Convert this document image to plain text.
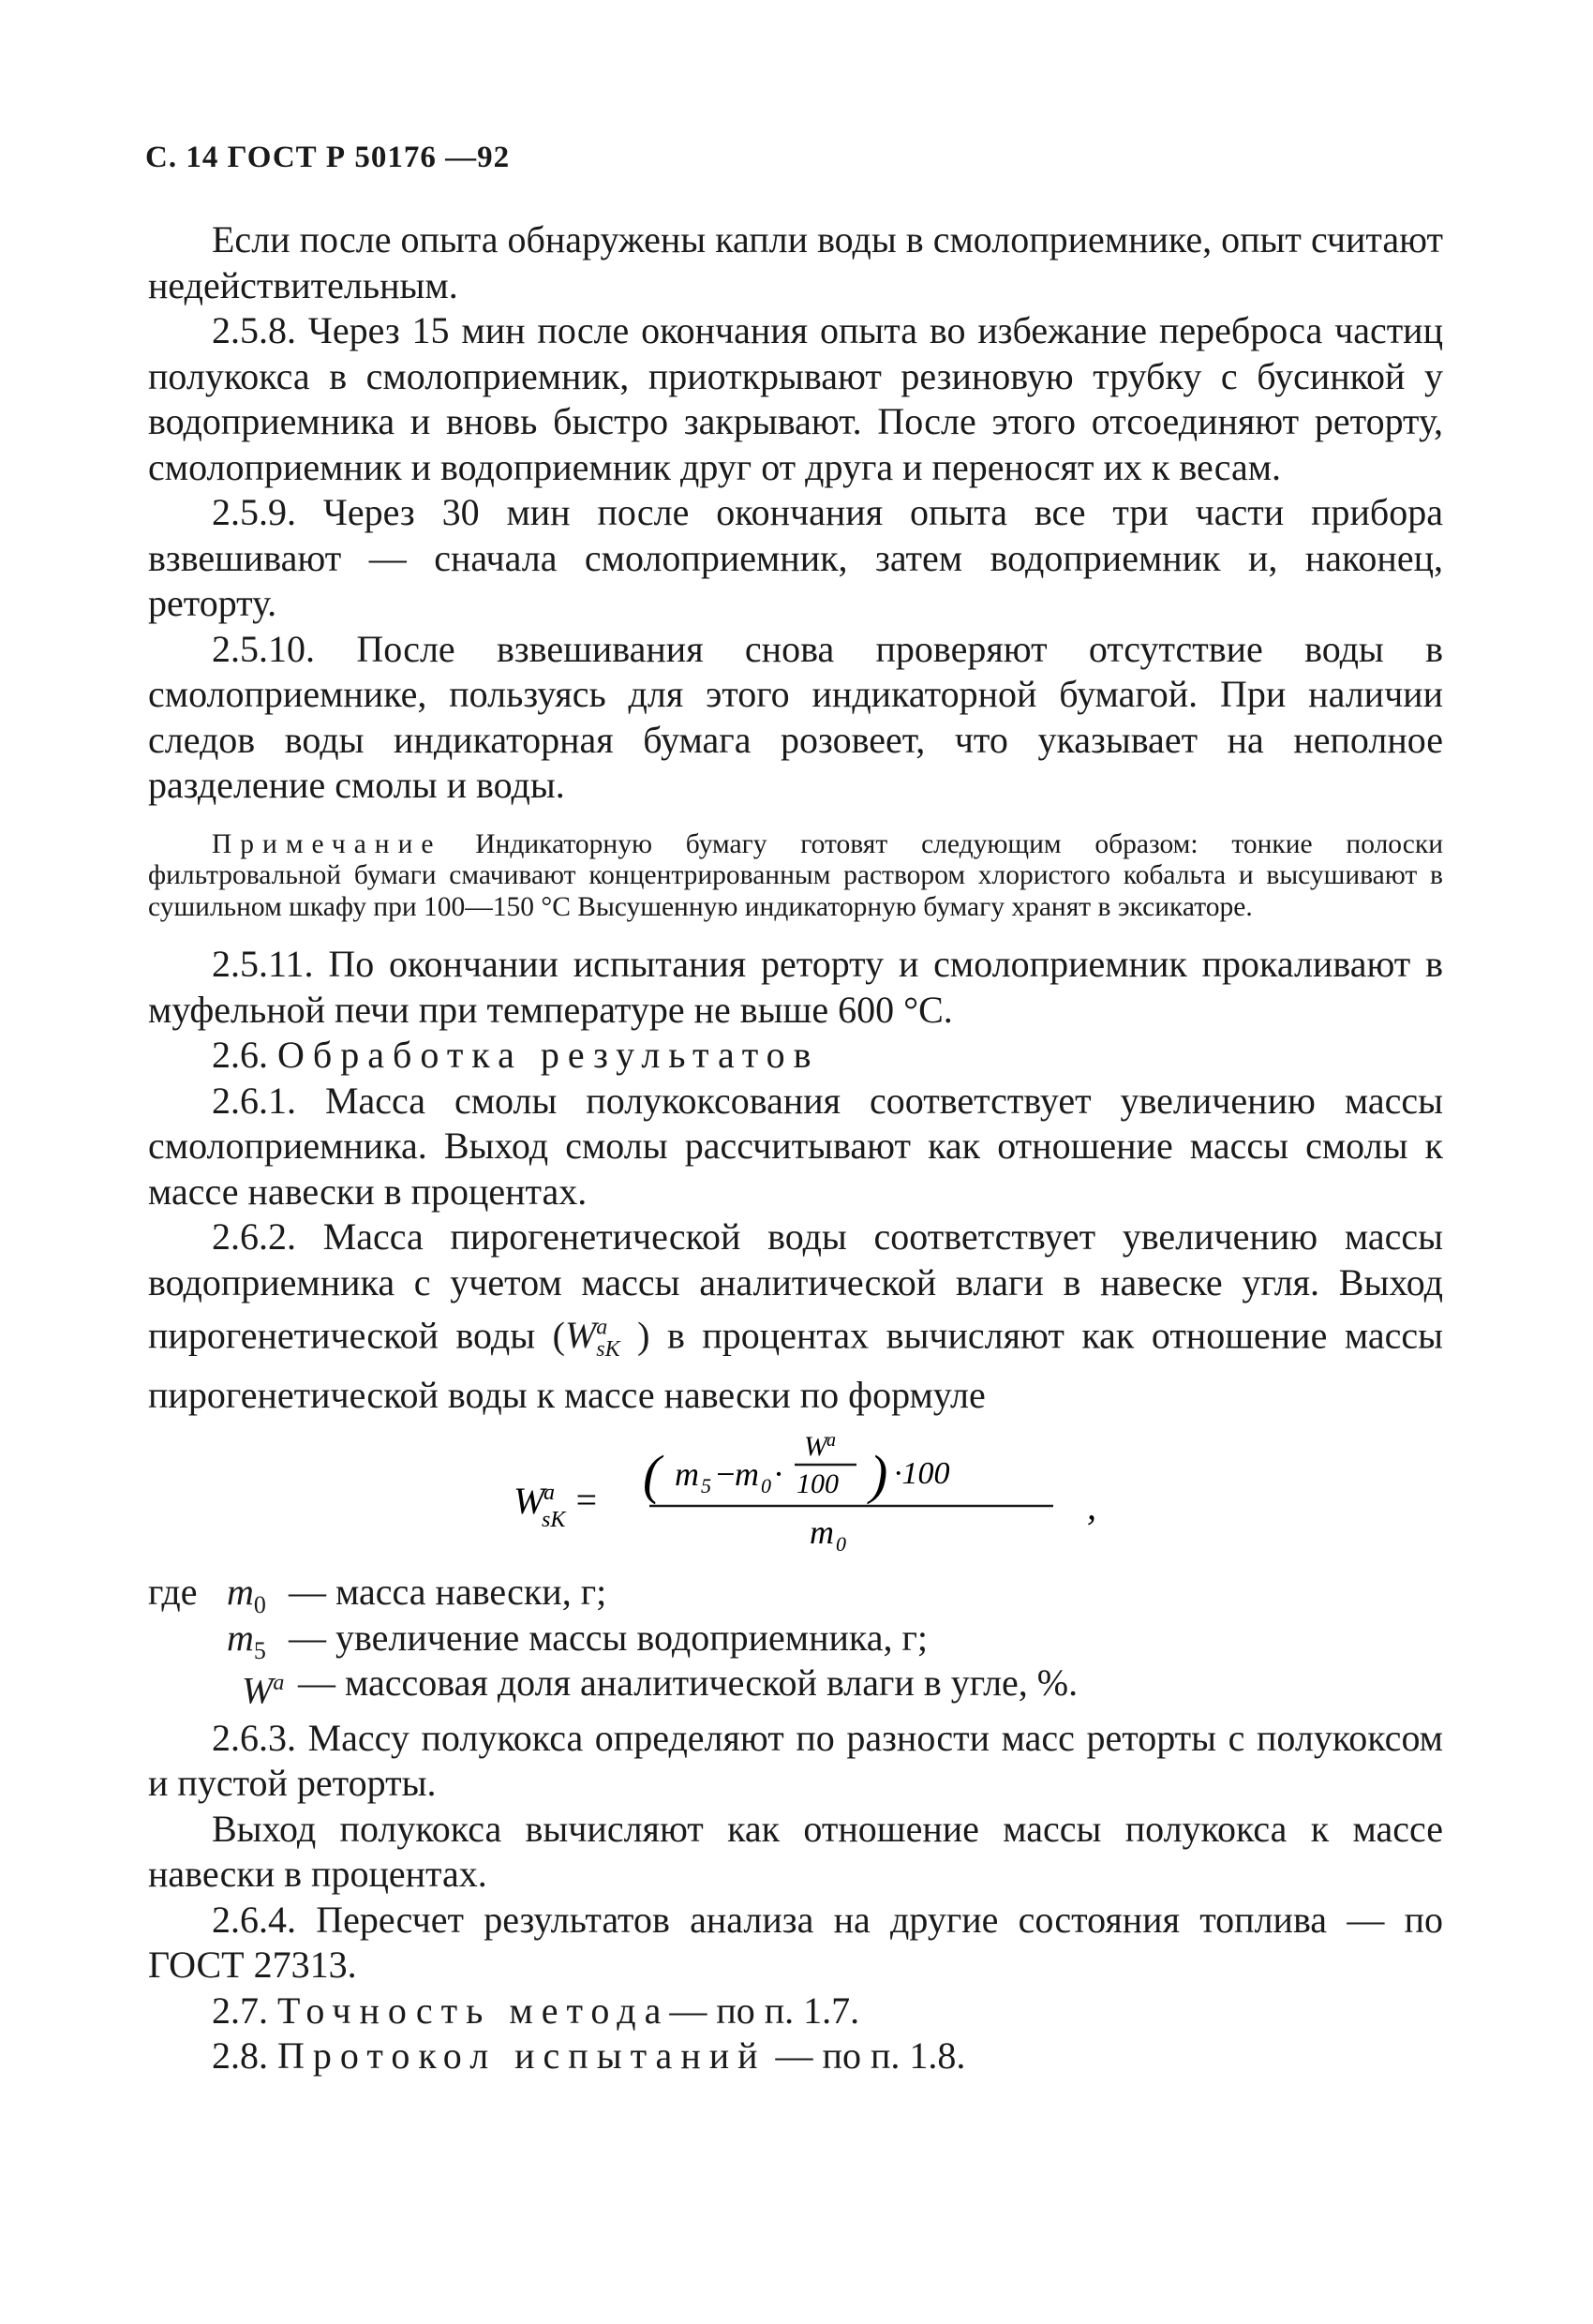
С. 14 ГОСТ Р 50176 —92

Если после опыта обнаружены капли воды в смолоприемнике, опыт считают недействительным.

2.5.8. Через 15 мин после окончания опыта во избежание переброса частиц полукокса в смолоприемник, приоткрывают резиновую трубку с бусинкой у водоприемника и вновь быстро закрывают. После этого отсоединяют реторту, смолоприемник и водоприемник друг от друга и переносят их к весам.

2.5.9. Через 30 мин после окончания опыта все три части прибора взвешивают — сначала смолоприемник, затем водоприемник и, наконец, реторту.

2.5.10. После взвешивания снова проверяют отсутствие воды в смолоприемнике, пользуясь для этого индикаторной бумагой. При наличии следов воды индикаторная бумага розовеет, что указывает на неполное разделение смолы и воды.

Примечание Индикаторную бумагу готовят следующим образом: тонкие полоски фильтровальной бумаги смачивают концентрированным раствором хлористого кобальта и высушивают в сушильном шкафу при 100—150 °С Высушенную индикаторную бумагу хранят в эксикаторе.

2.5.11. По окончании испытания реторту и смолоприемник прокаливают в муфельной печи при температуре не выше 600 °С.

2.6. Обработка результатов

2.6.1. Масса смолы полукоксования соответствует увеличению массы смолоприемника. Выход смолы рассчитывают как отношение массы смолы к массе навески в процентах.

2.6.2. Масса пирогенетической воды соответствует увеличению массы водоприемника с учетом массы аналитической влаги в навеске угля. Выход пирогенетической воды ($W^a_{sK}$ ) в процентах вычисляют как отношение массы пирогенетической воды к массе навески по формуле

W
a
sK = ( m 5 −
m 0 ·
W a
100 ) ·100
m 0
,
где $m_0$ — масса навески, г;
$m_5$ — увеличение массы водоприемника, г;
$W^a$ — массовая доля аналитической влаги в угле, %.

2.6.3. Массу полукокса определяют по разности масс реторты с полукоксом и пустой реторты.

Выход полукокса вычисляют как отношение массы полукокса к массе навески в процентах.

2.6.4. Пересчет результатов анализа на другие состояния топлива — по ГОСТ 27313.

2.7. Точность метода— по п. 1.7.

2.8. Протокол испытаний — по п. 1.8.
